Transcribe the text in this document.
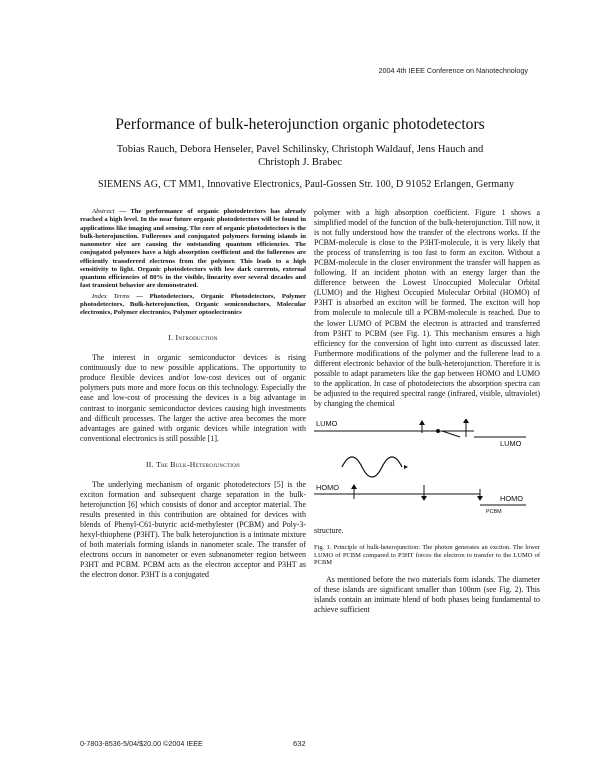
2004 4th IEEE Conference on Nanotechnology
Performance of bulk-heterojunction organic photodetectors
Tobias Rauch, Debora Henseler, Pavel Schilinsky, Christoph Waldauf, Jens Hauch and
Christoph J. Brabec
SIEMENS AG, CT MM1, Innovative Electronics, Paul-Gossen Str. 100, D 91052 Erlangen, Germany

Abstract — The performance of organic photodetectors has already reached a high level. In the near future organic photodetectors will be found in applications like imaging and sensing. The core of organic photodetectors is the bulk-heterojunction. Fullerenes and conjugated polymers forming islands in nanometer size are causing the outstanding quantum efficiencies. The conjugated polymers have a high absorption coefficient and the fullerenes are efficiently transferred electrons from the polymer. This leads to a high sensitivity to light. Organic photodetectors with low dark currents, external quantum efficiencies of 80% in the visible, linearity over several decades and fast transient behavior are demonstrated.

Index Terms — Photodetectors, Organic Photodetectors, Polymer photodetectors, Bulk-heterojunction, Organic semiconductors, Molecular electronics, Polymer electronics, Polymer optoelectronics

I. Introduction

The interest in organic semiconductor devices is rising continuously due to new possible applications. The opportunity to produce flexible devices and/or low-cost devices out of organic polymers puts more and more focus on this technology. Especially the ease and low-cost of processing the devices is a big advantage in contrast to inorganic semiconductor devices causing high investments and difficult processes. The larger the active area becomes the more advantages are gained with organic devices while integration with conventional electronics is still possible [1].

II. The Bulk-Heterojunction

The underlying mechanism of organic photodetectors [5] is the exciton formation and subsequent charge separation in the bulk-heterojunction [6] which consists of donor and acceptor material. The results presented in this contribution are obtained for devices with blends of Phenyl-C61-butyric acid-methylester (PCBM) and Poly-3-hexyl-thiophene (P3HT). The bulk heterojunction is a intimate mixture of both materials forming islands in nanometer scale. The transfer of electrons occurs in nanometer or even subnanometer region between P3HT and PCBM. PCBM acts as the electron acceptor and P3HT as the electron donor. P3HT is a conjugated

polymer with a high absorption coefficient. Figure 1 shows a simplified model of the function of the bulk-heterojunction. Till now, it is not fully understood how the transfer of the electrons works. If the PCBM-molecule is close to the P3HT-molecule, it is very likely that the process of transferring is too fast to form an exciton. Without a PCBM-molecule in the closer environment the transfer will happen as following. If an incident photon with an energy larger than the difference between the Lowest Unoccupied Molecular Orbital (LUMO) and the Highest Occupied Molecular Orbital (HOMO) of P3HT is absorbed an exciton will be formed. The exciton will hop from molecule to molecule till a PCBM-molecule is reached. Due to the lower LUMO of PCBM the electron is attracted and transferred from P3HT to PCBM (see Fig. 1). This mechanism ensures a high efficiency for the conversion of light into current as discussed later. Furthermore modifications of the polymer and the fullerene lead to a different electronic behavior of the bulk-heterojunction. Therefore it is possible to adapt parameters like the gap between HOMO and LUMO to the application. In case of photodetectors the absorption spectra can be adjusted to the required spectral range (infrared, visible, ultraviolet) by changing the chemical

LUMO
LUMO
HOMO
HOMO
PCBM

structure.

Fig. 1. Principle of bulk-heterojunction: The photon generates an exciton. The lower LUMO of PCBM compared to P3HT forces the electron to transfer to the LUMO of PCBM

As mentioned before the two materials form islands. The diameter of these islands are significant smaller than 100nm (see Fig. 2). This islands contain an intimate blend of both phases being fundamental to achieve sufficient

0-7803-8536-5/04/$20.00 ©2004 IEEE	632
